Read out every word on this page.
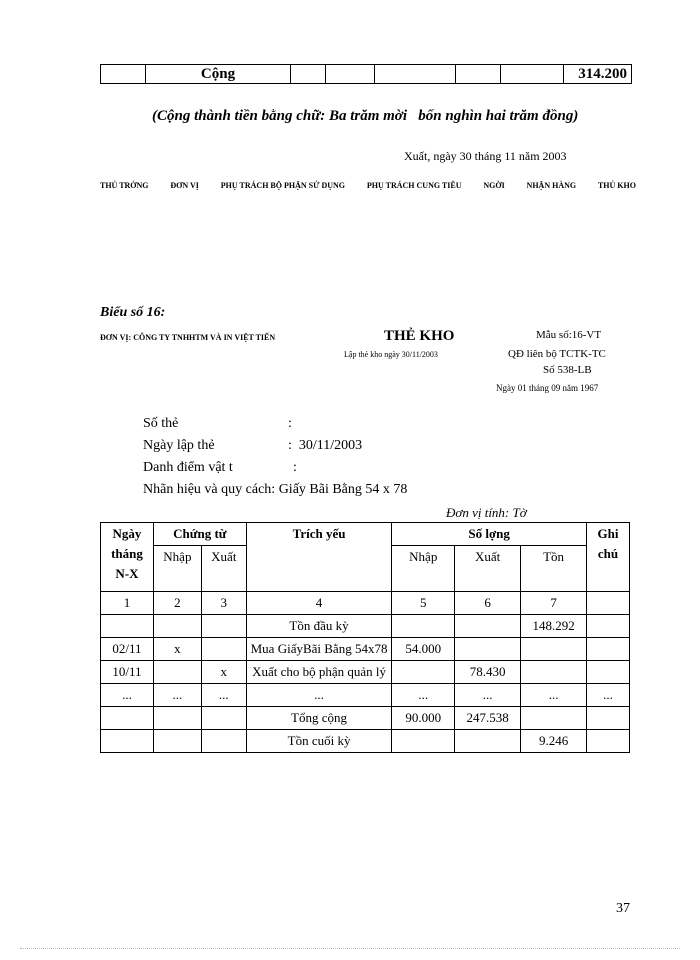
	Cộng						314.200
(Cộng thành tiền bằng chữ: Ba trăm mời   bốn nghìn hai trăm đồng)
Xuất, ngày 30 tháng 11 năm 2003
THỦ TRỞNG	ĐƠN VỊ	PHỤ TRÁCH BỘ PHẬN SỬ DỤNG	PHỤ TRÁCH CUNG TIÊU	NGỜI	NHẬN HÀNG	THỦ KHO
Biểu số 16:
ĐƠN VỊ: CÔNG TY TNHHTM VÀ IN VIỆT TIẾN	THẺ KHO
Lập thẻ kho ngày 30/11/2003
Mẫu số:16-VT
QĐ liên bộ TCTK-TC
Số 538-LB
Ngày 01 tháng 09 năm 1967
Số thẻ	:
Ngày lập thẻ	:  30/11/2003
Danh điểm vật t	:
Nhãn hiệu và quy cách: Giấy Bãi Bằng 54 x 78
Đơn vị tính: Tờ
Ngày tháng N-X	Chứng từ		Trích yếu	Số lợng			Ghi chú
	Nhập	Xuất		Nhập	Xuất	Tồn	
1	2	3	4	5	6	7	
			Tồn đầu kỳ			148.292	
02/11	x		Mua GiấyBãi Bằng 54x78	54.000			
10/11		x	Xuất cho bộ phận quản lý		78.430		
...	...	...	...	...	...	...	...
			Tổng cộng	90.000	247.538		
			Tồn cuối kỳ			9.246	
37
